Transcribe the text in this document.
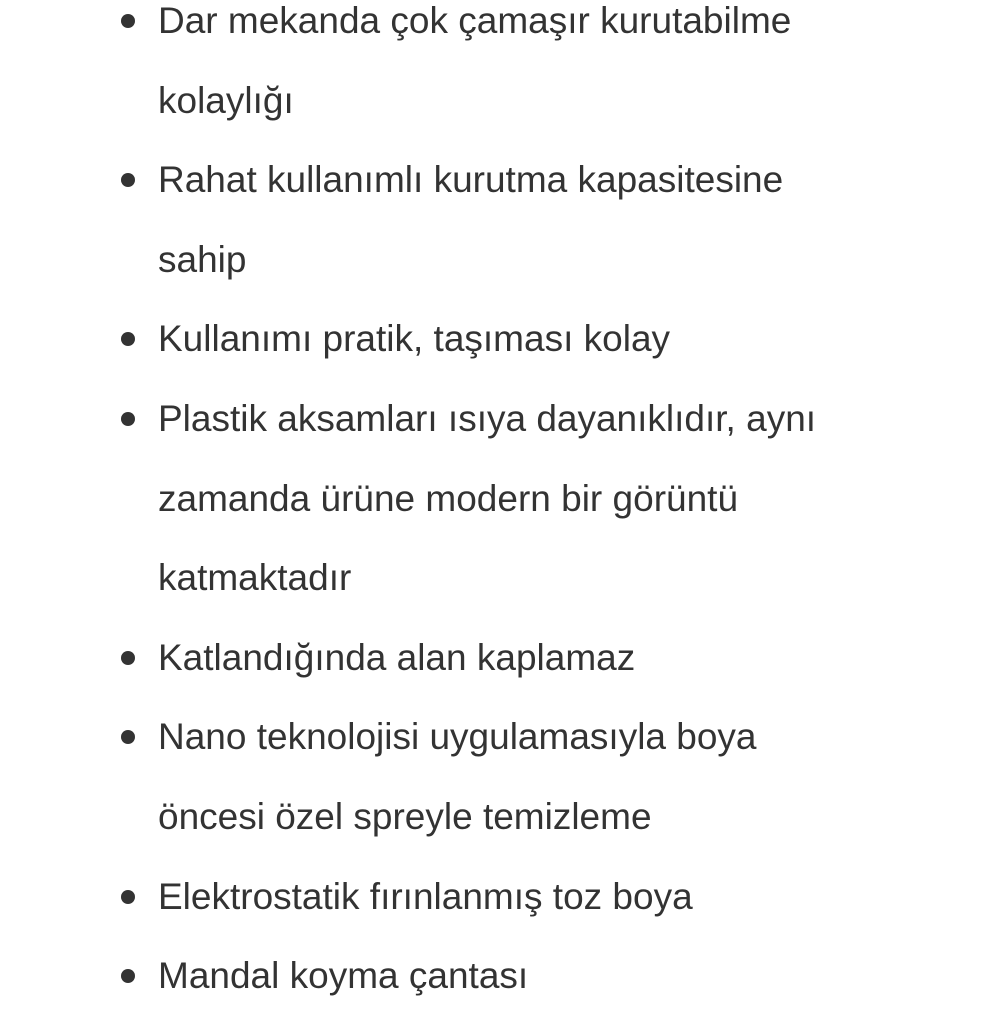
Dar mekanda çok çamaşır kurutabilme kolaylığı
Rahat kullanımlı kurutma kapasitesine sahip
Kullanımı pratik, taşıması kolay
Plastik aksamları ısıya dayanıklıdır, aynı zamanda ürüne modern bir görüntü katmaktadır
Katlandığında alan kaplamaz
Nano teknolojisi uygulamasıyla boya öncesi özel spreyle temizleme
Elektrostatik fırınlanmış toz boya
Mandal koyma çantası
